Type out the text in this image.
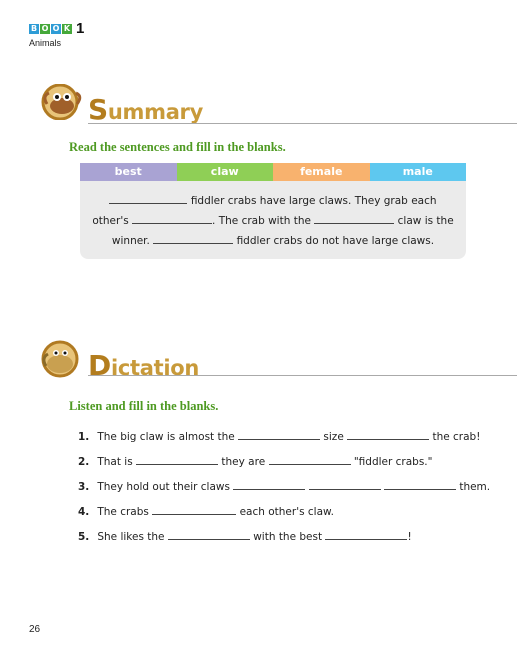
B O O K 1
Animals
Summary
Read the sentences and fill in the blanks.
best	claw	female	male
fiddler crabs have large claws. They grab each
other's	. The crab with the	claw is the
winner.	fiddler crabs do not have large claws.
Dictation
Listen and fill in the blanks.
1. The big claw is almost the	size	the crab!
2. That is	they are	"fiddler crabs."
3. They hold out their claws	them.
4. The crabs	each other's claw.
5. She likes the	with the best	!
26
